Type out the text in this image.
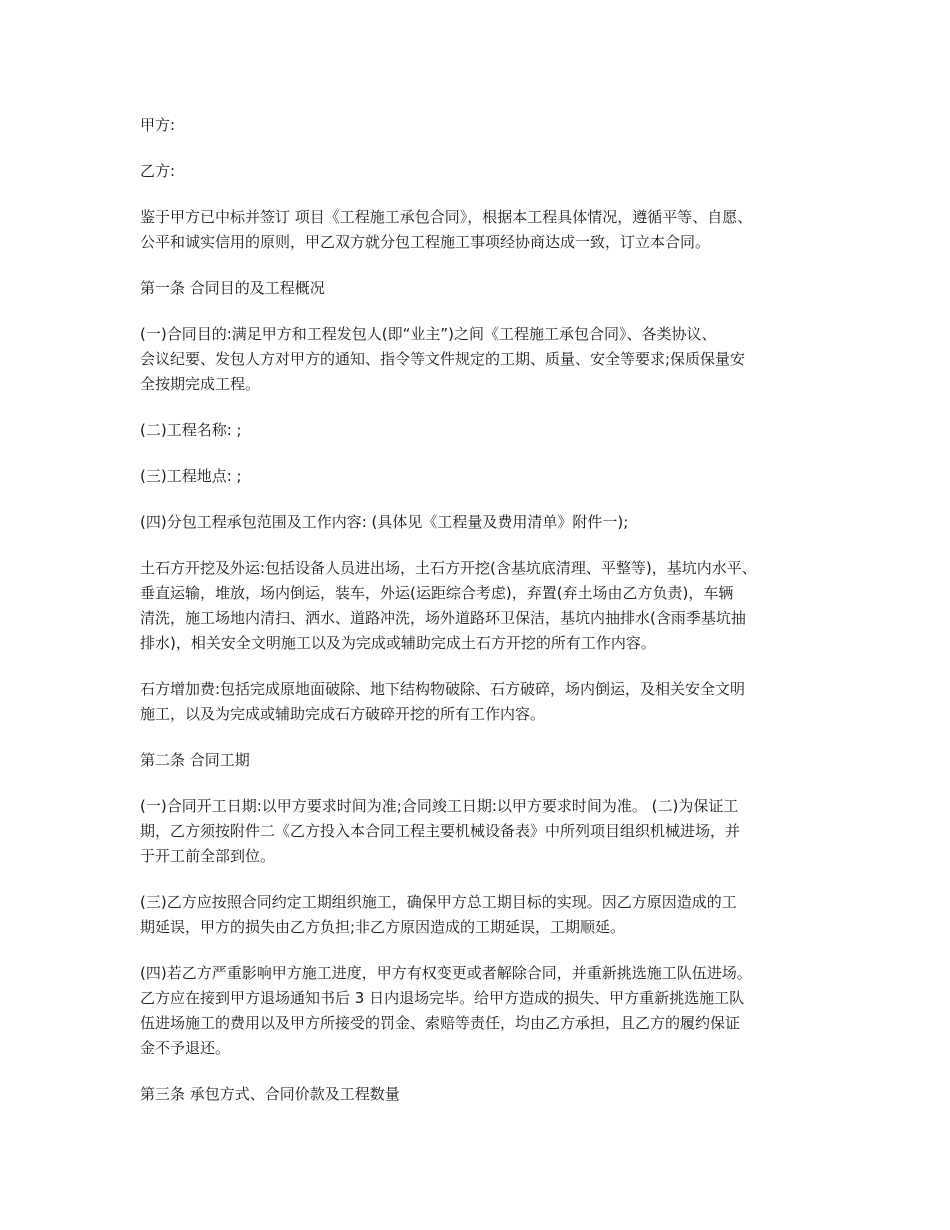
甲方:

乙方:

鉴于甲方已中标并签订 项目《工程施工承包合同》，根据本工程具体情况，遵循平等、自愿、
公平和诚实信用的原则，甲乙双方就分包工程施工事项经协商达成一致，订立本合同。

第一条 合同目的及工程概况

(一)合同目的:满足甲方和工程发包人(即“业主”)之间《工程施工承包合同》、各类协议、
会议纪要、发包人方对甲方的通知、指令等文件规定的工期、质量、安全等要求;保质保量安
全按期完成工程。

(二)工程名称: ;

(三)工程地点: ;

(四)分包工程承包范围及工作内容: (具体见《工程量及费用清单》附件一);

土石方开挖及外运:包括设备人员进出场，土石方开挖(含基坑底清理、平整等)，基坑内水平、
垂直运输，堆放，场内倒运，装车，外运(运距综合考虑)，弃置(弃土场由乙方负责)，车辆
清洗，施工场地内清扫、洒水、道路冲洗，场外道路环卫保洁，基坑内抽排水(含雨季基坑抽
排水)，相关安全文明施工以及为完成或辅助完成土石方开挖的所有工作内容。

石方增加费:包括完成原地面破除、地下结构物破除、石方破碎，场内倒运，及相关安全文明
施工，以及为完成或辅助完成石方破碎开挖的所有工作内容。

第二条 合同工期

(一)合同开工日期:以甲方要求时间为准;合同竣工日期:以甲方要求时间为准。 (二)为保证工
期，乙方须按附件二《乙方投入本合同工程主要机械设备表》中所列项目组织机械进场，并
于开工前全部到位。

(三)乙方应按照合同约定工期组织施工，确保甲方总工期目标的实现。因乙方原因造成的工
期延误，甲方的损失由乙方负担;非乙方原因造成的工期延误，工期顺延。

(四)若乙方严重影响甲方施工进度，甲方有权变更或者解除合同，并重新挑选施工队伍进场。
乙方应在接到甲方退场通知书后 3 日内退场完毕。给甲方造成的损失、甲方重新挑选施工队
伍进场施工的费用以及甲方所接受的罚金、索赔等责任，均由乙方承担，且乙方的履约保证
金不予退还。

第三条 承包方式、合同价款及工程数量
